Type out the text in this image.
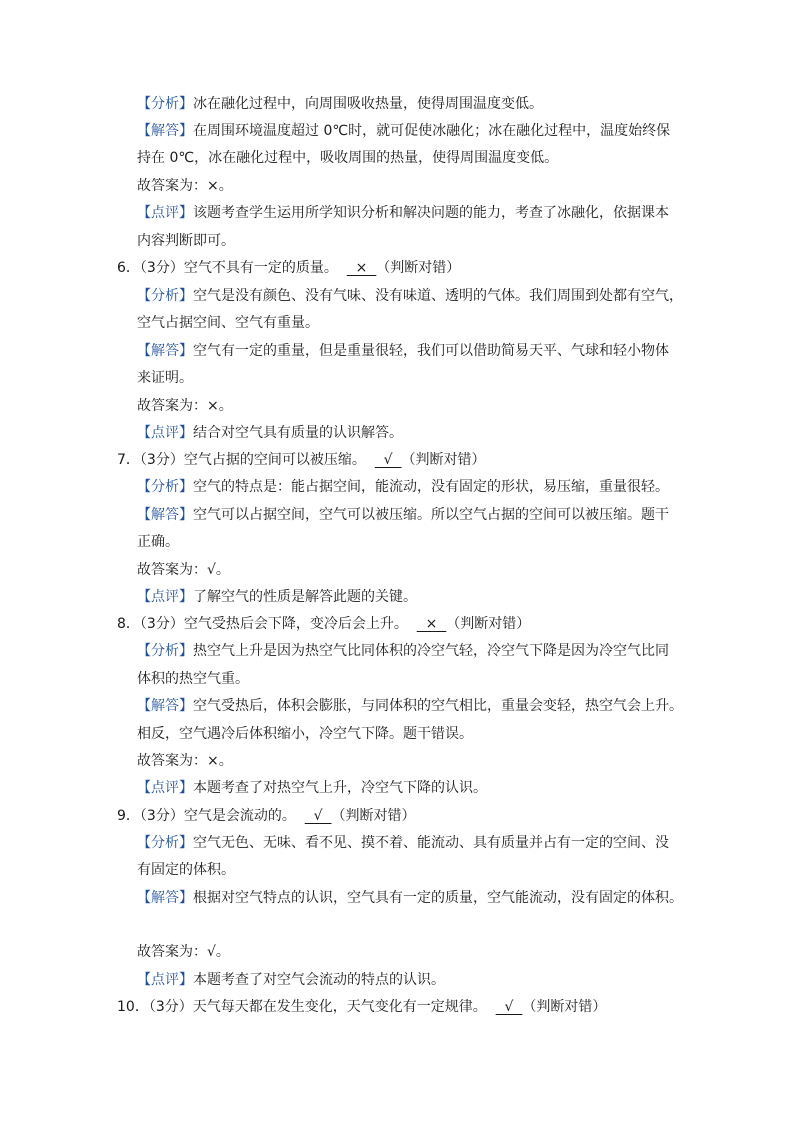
【分析】冰在融化过程中，向周围吸收热量，使得周围温度变低。
【解答】在周围环境温度超过 0℃时，就可促使冰融化；冰在融化过程中，温度始终保
持在 0℃，冰在融化过程中，吸收周围的热量，使得周围温度变低。
故答案为：×。
【点评】该题考查学生运用所学知识分析和解决问题的能力，考查了冰融化，依据课本
内容判断即可。
6．（3分）空气不具有一定的质量。    ×  （判断对错）
【分析】空气是没有颜色、没有气味、没有味道、透明的气体。我们周围到处都有空气，
空气占据空间、空气有重量。
【解答】空气有一定的重量，但是重量很轻，我们可以借助简易天平、气球和轻小物体
来证明。
故答案为：×。
【点评】结合对空气具有质量的认识解答。
7．（3分）空气占据的空间可以被压缩。    √  （判断对错）
【分析】空气的特点是：能占据空间，能流动，没有固定的形状，易压缩，重量很轻。
【解答】空气可以占据空间，空气可以被压缩。所以空气占据的空间可以被压缩。题干
正确。
故答案为：√。
【点评】了解空气的性质是解答此题的关键。
8．（3分）空气受热后会下降，变冷后会上升。    ×  （判断对错）
【分析】热空气上升是因为热空气比同体积的冷空气轻，冷空气下降是因为冷空气比同
体积的热空气重。
【解答】空气受热后，体积会膨胀，与同体积的空气相比，重量会变轻，热空气会上升。
相反，空气遇冷后体积缩小，冷空气下降。题干错误。
故答案为：×。
【点评】本题考查了对热空气上升，冷空气下降的认识。
9．（3分）空气是会流动的。    √  （判断对错）
【分析】空气无色、无味、看不见、摸不着、能流动、具有质量并占有一定的空间、没
有固定的体积。
【解答】根据对空气特点的认识，空气具有一定的质量，空气能流动，没有固定的体积。
故答案为：√。
【点评】本题考查了对空气会流动的特点的认识。
10．（3分）天气每天都在发生变化，天气变化有一定规律。    √  （判断对错）
